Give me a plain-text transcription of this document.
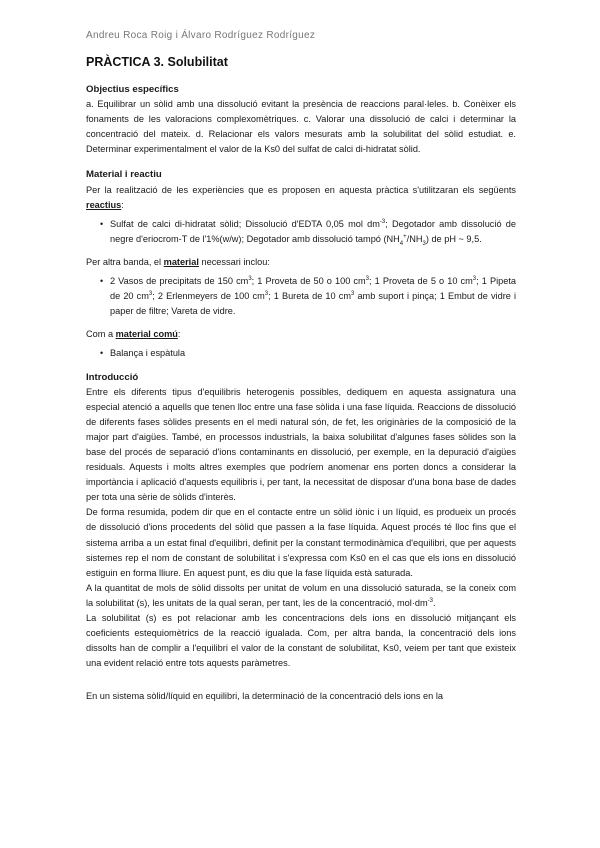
Andreu Roca Roig i Álvaro Rodríguez Rodríguez
PRÀCTICA 3. Solubilitat
Objectius específics

a. Equilibrar un sòlid amb una dissolució evitant la presència de reaccions paral·leles. b. Conèixer els fonaments de les valoracions complexomètriques. c. Valorar una dissolució de calci i determinar la concentració del mateix. d. Relacionar els valors mesurats amb la solubilitat del sòlid estudiat. e. Determinar experimentalment el valor de la Ks0 del sulfat de calci di-hidratat sòlid.

Material i reactiu

Per la realització de les experiències que es proposen en aquesta pràctica s'utilitzaran els següents reactius:

• Sulfat de calci di-hidratat sòlid; Dissolució d'EDTA 0,05 mol $dm^{-3}$; Degotador amb dissolució de negre d'eriocrom-T de l'1%(w/w); Degotador amb dissolució tampó $(NH_4^+/NH_3)$ de pH ~ 9,5.

Per altra banda, el material necessari inclou:

• 2 Vasos de precipitats de 150 $cm^3$; 1 Proveta de 50 o 100 $cm^3$; 1 Proveta de 5 o 10 $cm^3$; 1 Pipeta de 20 $cm^3$; 2 Erlenmeyers de 100 $cm^3$; 1 Bureta de 10 $cm^3$ amb suport i pinça; 1 Embut de vidre i paper de filtre; Vareta de vidre.

Com a material comú:

• Balança i espàtula
Introducció

Entre els diferents tipus d'equilibris heterogenis possibles, dediquem en aquesta assignatura una especial atenció a aquells que tenen lloc entre una fase sòlida i una fase líquida. Reaccions de dissolució de diferents fases sòlides presents en el medi natural són, de fet, les originàries de la composició de la major part d'aigües. També, en processos industrials, la baixa solubilitat d'algunes fases sòlides son la base del procés de separació d'ions contaminants en dissolució, per exemple, en la depuració d'aigües residuals. Aquests i molts altres exemples que podríem anomenar ens porten doncs a considerar la importància i aplicació d'aquests equilibris i, per tant, la necessitat de disposar d'una bona base de dades per tota una sèrie de sòlids d'interès.

De forma resumida, podem dir que en el contacte entre un sòlid iònic i un líquid, es produeix un procés de dissolució d'ions procedents del sòlid que passen a la fase líquida. Aquest procés té lloc fins que el sistema arriba a un estat final d'equilibri, definit per la constant termodinàmica d'equilibri, que per aquests sistemes rep el nom de constant de solubilitat i s'expressa com Ks0 en el cas que els ions en dissolució estiguin en forma lliure. En aquest punt, es diu que la fase líquida està saturada.

A la quantitat de mols de sòlid dissolts per unitat de volum en una dissolució saturada, se la coneix com la solubilitat (s), les unitats de la qual seran, per tant, les de la concentració, $mol\cdot dm^{-3}$.

La solubilitat (s) es pot relacionar amb les concentracions dels ions en dissolució mitjançant els coeficients estequiomètrics de la reacció igualada. Com, per altra banda, la concentració dels ions dissolts han de complir a l'equilibri el valor de la constant de solubilitat, Ks0, veiem per tant que existeix una evident relació entre tots aquests paràmetres.

En un sistema sòlid/líquid en equilibri, la determinació de la concentració dels ions en la
